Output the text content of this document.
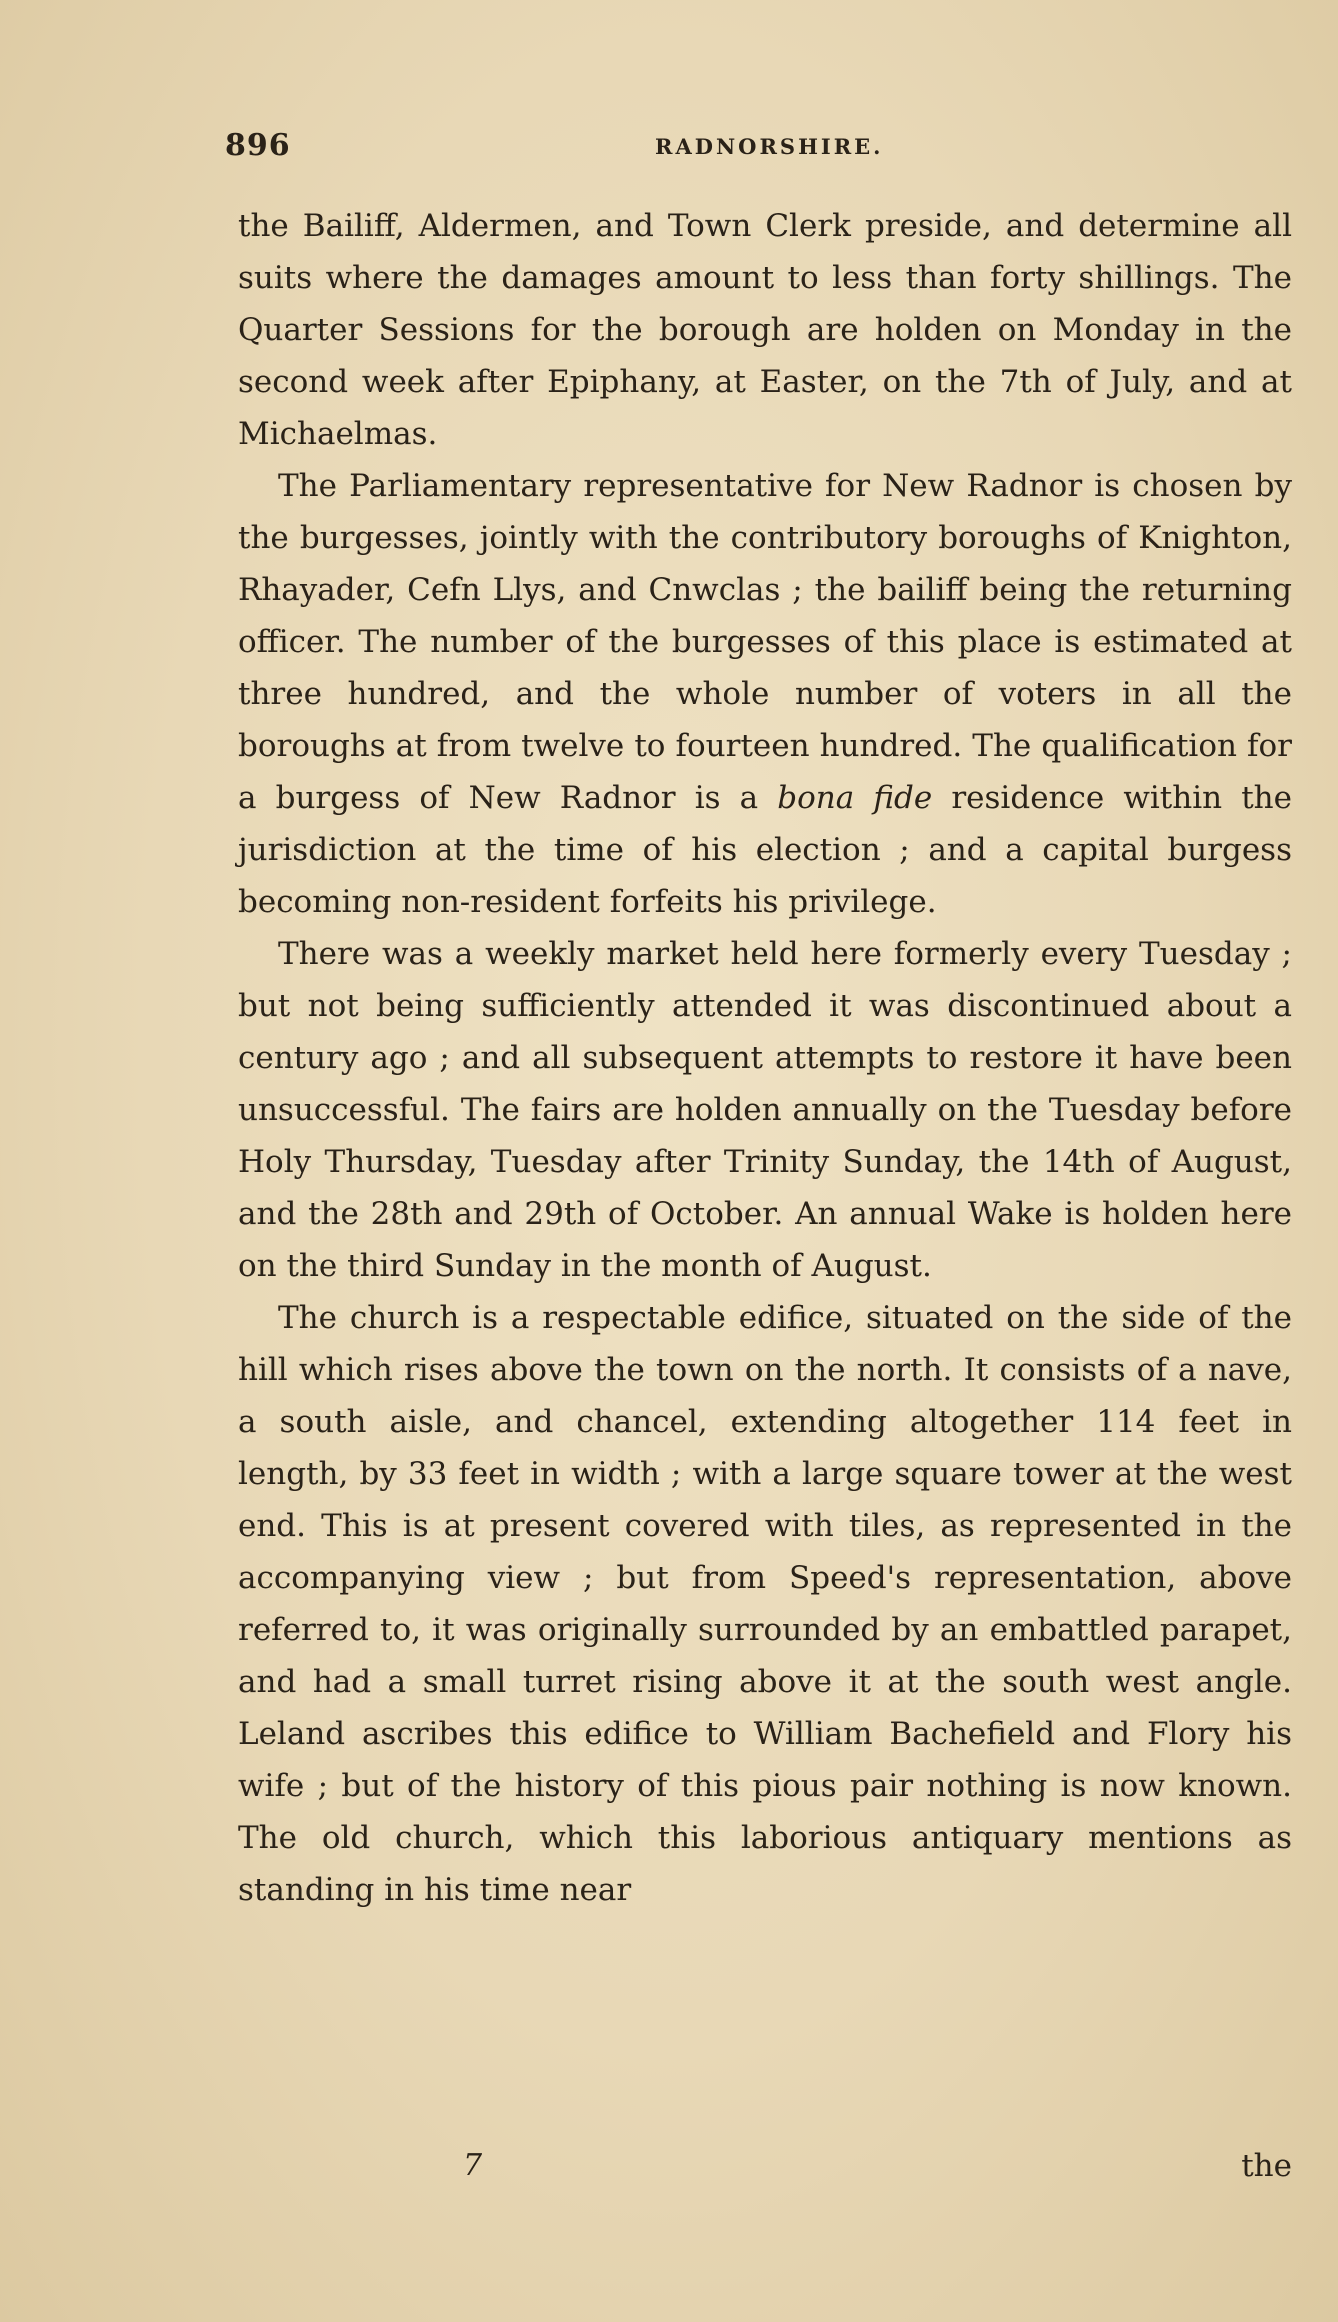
896	RADNORSHIRE.

the Bailiff, Aldermen, and Town Clerk preside, and determine all suits where the damages amount to less than forty shillings. The Quarter Sessions for the borough are holden on Monday in the second week after Epiphany, at Easter, on the 7th of July, and at Michaelmas.

The Parliamentary representative for New Radnor is chosen by the burgesses, jointly with the contributory boroughs of Knighton, Rhayader, Cefn Llys, and Cnwclas ; the bailiff being the returning officer. The number of the burgesses of this place is estimated at three hundred, and the whole number of voters in all the boroughs at from twelve to fourteen hundred. The qualification for a burgess of New Radnor is a bona fide residence within the jurisdiction at the time of his election ; and a capital burgess becoming non-resident forfeits his privilege.

There was a weekly market held here formerly every Tuesday ; but not being sufficiently attended it was discontinued about a century ago ; and all subsequent attempts to restore it have been unsuccessful. The fairs are holden annually on the Tuesday before Holy Thursday, Tuesday after Trinity Sunday, the 14th of August, and the 28th and 29th of October. An annual Wake is holden here on the third Sunday in the month of August.

The church is a respectable edifice, situated on the side of the hill which rises above the town on the north. It consists of a nave, a south aisle, and chancel, extending altogether 114 feet in length, by 33 feet in width ; with a large square tower at the west end. This is at present covered with tiles, as represented in the accompanying view ; but from Speed's representation, above referred to, it was originally surrounded by an embattled parapet, and had a small turret rising above it at the south west angle. Leland ascribes this edifice to William Bachefield and Flory his wife ; but of the history of this pious pair nothing is now known. The old church, which this laborious antiquary mentions as standing in his time near

7	the
